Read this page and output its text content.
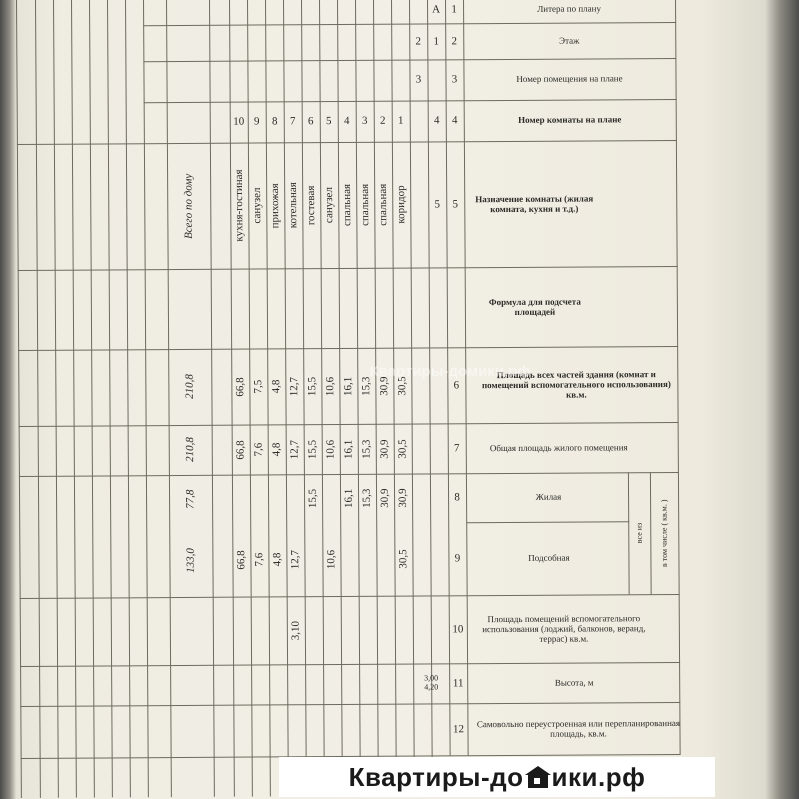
1
2
3
4
5
6
7
8
9
10
11
12
А
1
2
3
4
5
Литера по плану
Этаж
Номер помещения на плане
Номер комнаты на плане
Назначение комнаты (жилая комната, кухня и т.д.)
Формула для подсчета площадей
Площадь всех частей здания (комнат и помещений вспомогательного использования) кв.м.
Общая площадь жилого помещения
Жилая
Подсобная
Площадь помещений вспомогательного использования (лоджий, балконов, веранд, террас) кв.м.
Высота, м
Самовольно переустроенная или перепланированная площадь, кв.м.
в том числе ( кв.м. )
все из
1
2
3
4
5
6
7
8
9
10
коридор
спальная
спальная
спальная
санузел
гостевая
котельная
прихожая
санузел
кухня-гостиная
Всего по дому
30,5
30,9
15,3
16,1
10,6
15,5
12,7
4,8
7,5
66,8
210,8
30,5
30,9
15,3
16,1
10,6
15,5
12,7
4,8
7,6
66,8
210,8
30,9
30,9
15,3
16,1
15,5
77,8
30,5
10,6
12,7
4,8
7,6
66,8
133,0
3,10
3,00
4,20
Квартиры-домики.рф
Квартиры-до ики.рф
